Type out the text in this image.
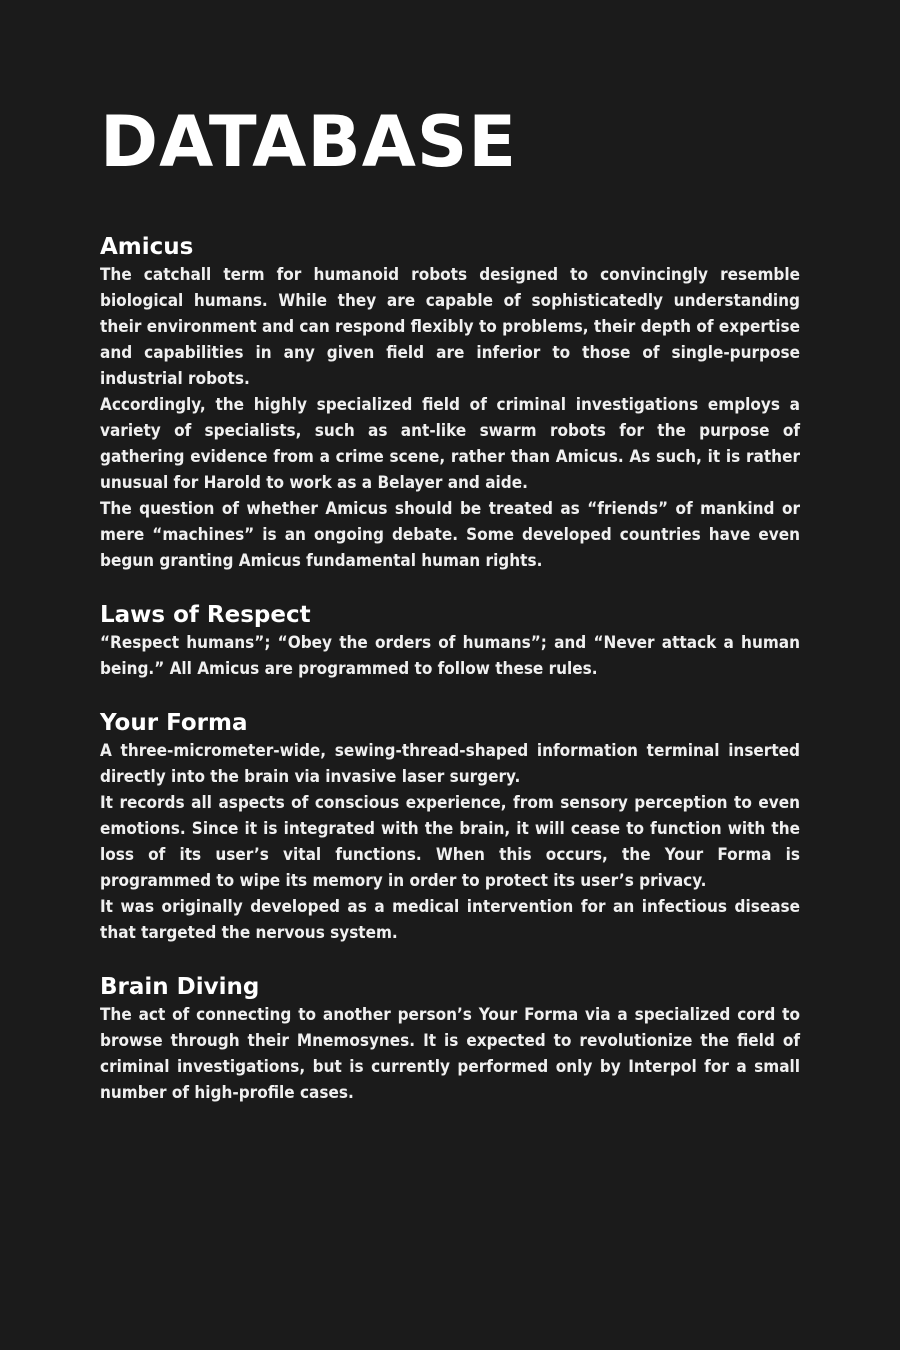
DATABASE
Amicus

The catchall term for humanoid robots designed to convincingly resemble biological humans. While they are capable of sophisticatedly understanding their environment and can respond flexibly to problems, their depth of expertise and capabilities in any given field are inferior to those of single-purpose industrial robots.

Accordingly, the highly specialized field of criminal investigations employs a variety of specialists, such as ant-like swarm robots for the purpose of gathering evidence from a crime scene, rather than Amicus. As such, it is rather unusual for Harold to work as a Belayer and aide.

The question of whether Amicus should be treated as “friends” of mankind or mere “machines” is an ongoing debate. Some developed countries have even begun granting Amicus fundamental human rights.

Laws of Respect

“Respect humans”; “Obey the orders of humans”; and “Never attack a human being.” All Amicus are programmed to follow these rules.

Your Forma

A three-micrometer-wide, sewing-thread-shaped information terminal inserted directly into the brain via invasive laser surgery.

It records all aspects of conscious experience, from sensory perception to even emotions. Since it is integrated with the brain, it will cease to function with the loss of its user’s vital functions. When this occurs, the Your Forma is programmed to wipe its memory in order to protect its user’s privacy.

It was originally developed as a medical intervention for an infectious disease that targeted the nervous system.

Brain Diving

The act of connecting to another person’s Your Forma via a specialized cord to browse through their Mnemosynes. It is expected to revolutionize the field of criminal investigations, but is currently performed only by Interpol for a small number of high-profile cases.
